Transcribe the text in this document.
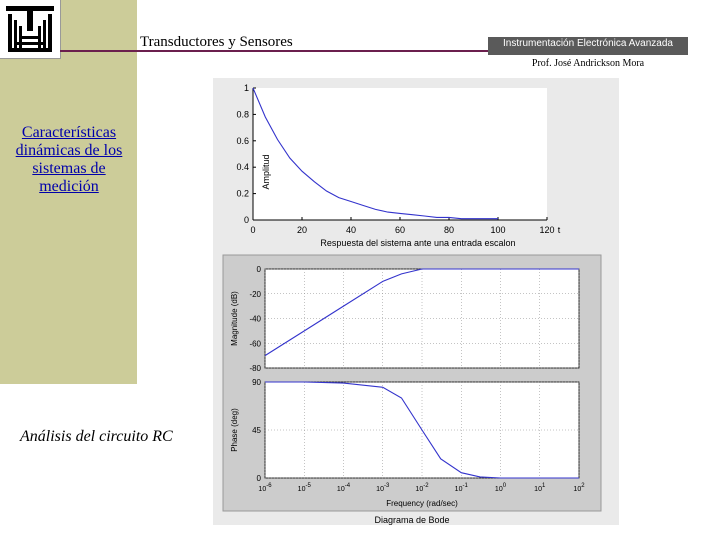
Transductores y Sensores	Instrumentación Electrónica Avanzada
Prof. José Andrickson Mora
Características dinámicas de los sistemas de medición
Análisis del circuito RC
0
0.2
0.4
0.6
0.8
1
0	20	40	60	80	100	120 t
Amplitud
Respuesta del sistema ante una entrada escalon
0
-20
-40
-60
-80
Magnitude (dB)
90
45
0
Phase (deg)
10-6	10-5	10-4	10-3	10-2	10-1	100	101	102
Frequency (rad/sec)
Diagrama de Bode
